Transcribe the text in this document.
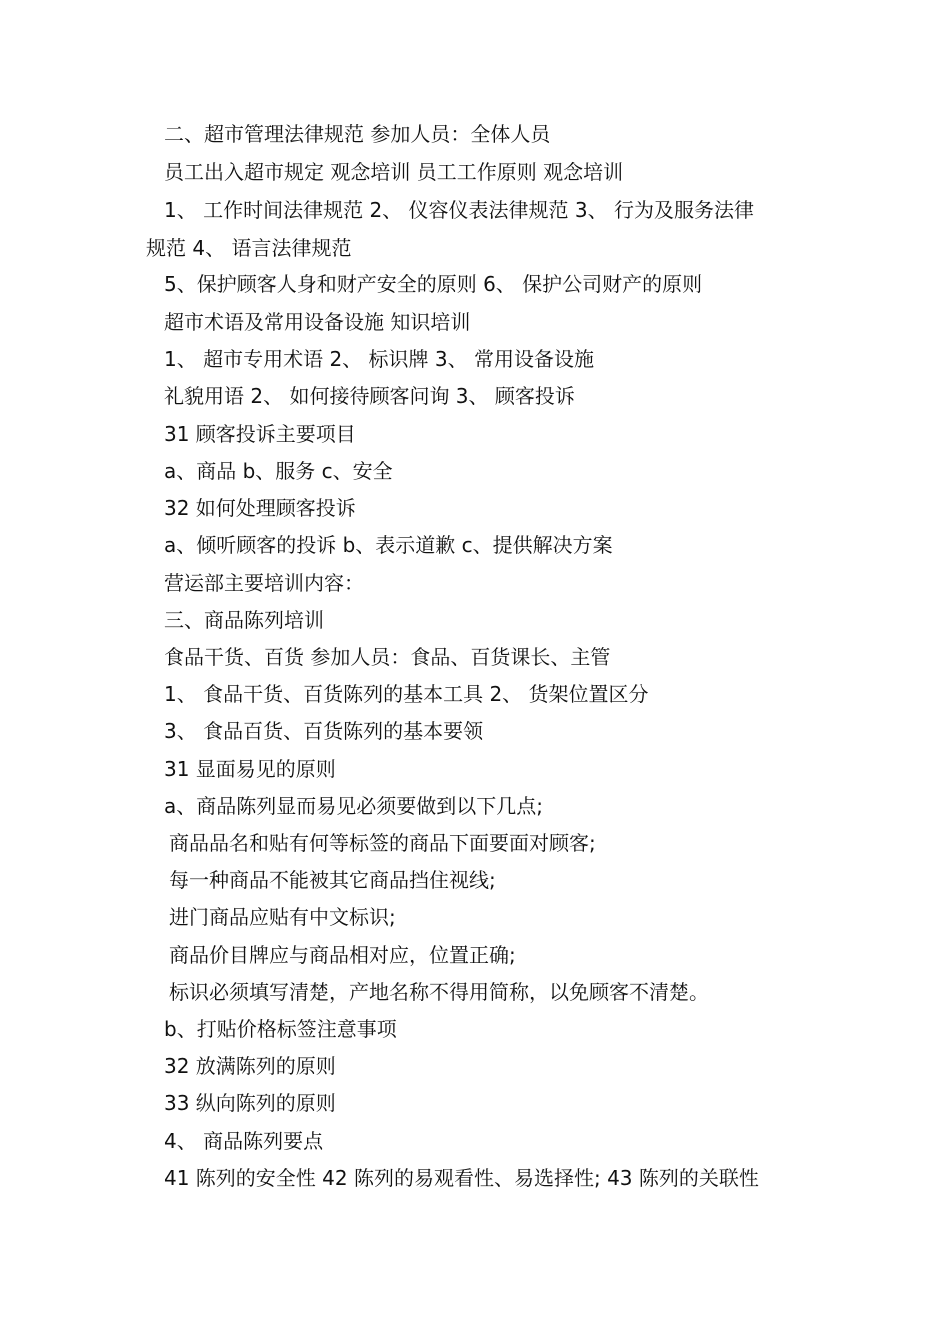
二、超市管理法律规范 参加人员：全体人员
员工出入超市规定 观念培训 员工工作原则 观念培训
1、 工作时间法律规范 2、 仪容仪表法律规范 3、 行为及服务法律
规范 4、 语言法律规范
5、保护顾客人身和财产安全的原则 6、 保护公司财产的原则
超市术语及常用设备设施 知识培训
1、 超市专用术语 2、 标识牌 3、 常用设备设施
礼貌用语 2、 如何接待顾客问询 3、 顾客投诉
31 顾客投诉主要项目
a、商品 b、服务 c、安全
32 如何处理顾客投诉
a、倾听顾客的投诉 b、表示道歉 c、提供解决方案
营运部主要培训内容：
三、商品陈列培训
食品干货、百货 参加人员：食品、百货课长、主管
1、 食品干货、百货陈列的基本工具 2、 货架位置区分
3、 食品百货、百货陈列的基本要领
31 显面易见的原则
a、商品陈列显而易见必须要做到以下几点;
商品品名和贴有何等标签的商品下面要面对顾客;
每一种商品不能被其它商品挡住视线;
进门商品应贴有中文标识;
商品价目牌应与商品相对应，位置正确;
标识必须填写清楚，产地名称不得用简称，以免顾客不清楚。
b、打贴价格标签注意事项
32 放满陈列的原则
33 纵向陈列的原则
4、 商品陈列要点
41 陈列的安全性 42 陈列的易观看性、易选择性; 43 陈列的关联性
